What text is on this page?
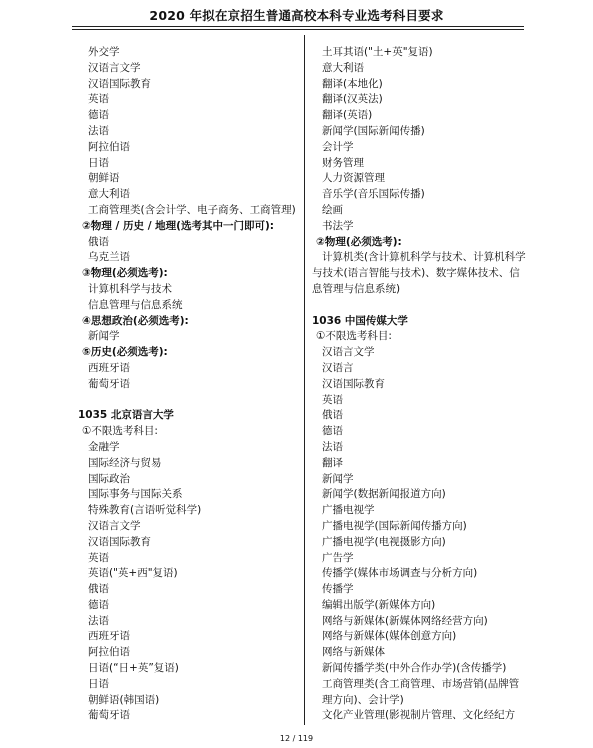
2020 年拟在京招生普通高校本科专业选考科目要求
外交学
汉语言文学
汉语国际教育
英语
德语
法语
阿拉伯语
日语
朝鲜语
意大利语
工商管理类(含会计学、电子商务、工商管理)
②物理 / 历史 / 地理(选考其中一门即可):
俄语
乌克兰语
③物理(必须选考):
计算机科学与技术
信息管理与信息系统
④思想政治(必须选考):
新闻学
⑤历史(必须选考):
西班牙语
葡萄牙语
1035 北京语言大学
①不限选考科目:
金融学
国际经济与贸易
国际政治
国际事务与国际关系
特殊教育(言语听觉科学)
汉语言文学
汉语国际教育
英语
英语("英+西"复语)
俄语
德语
法语
西班牙语
阿拉伯语
日语(“日+英”复语)
日语
朝鲜语(韩国语)
葡萄牙语
土耳其语("土+英"复语)
意大利语
翻译(本地化)
翻译(汉英法)
翻译(英语)
新闻学(国际新闻传播)
会计学
财务管理
人力资源管理
音乐学(音乐国际传播)
绘画
书法学
②物理(必须选考):
计算机类(含计算机科学与技术、计算机科学
与技术(语言智能与技术)、数字媒体技术、信
息管理与信息系统)
1036 中国传媒大学
①不限选考科目:
汉语言文学
汉语言
汉语国际教育
英语
俄语
德语
法语
翻译
新闻学
新闻学(数据新闻报道方向)
广播电视学
广播电视学(国际新闻传播方向)
广播电视学(电视摄影方向)
广告学
传播学(媒体市场调查与分析方向)
传播学
编辑出版学(新媒体方向)
网络与新媒体(新媒体网络经营方向)
网络与新媒体(媒体创意方向)
网络与新媒体
新闻传播学类(中外合作办学)(含传播学)
工商管理类(含工商管理、市场营销(品牌管
理方向)、会计学)
文化产业管理(影视制片管理、文化经纪方
12 / 119
